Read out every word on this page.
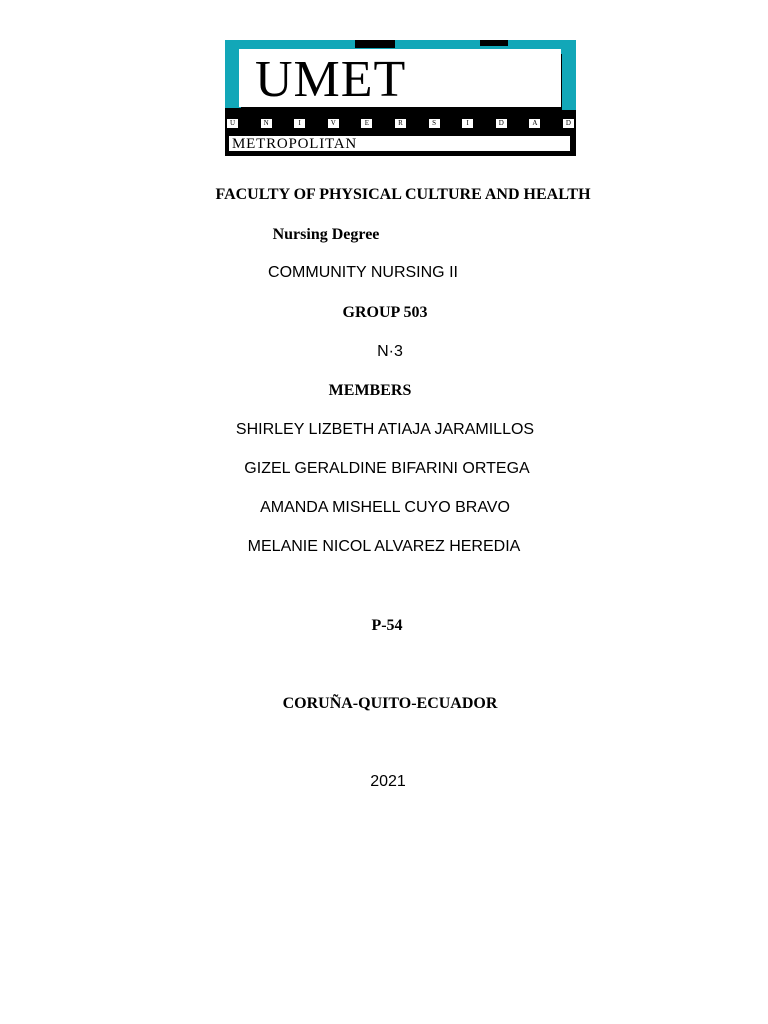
UMET
U	N	I	V	E	R	S	I	D	A	D
METROPOLITAN
FACULTY OF PHYSICAL CULTURE AND HEALTH
Nursing Degree
COMMUNITY NURSING II
GROUP 503
N·3
MEMBERS
SHIRLEY LIZBETH ATIAJA JARAMILLOS
GIZEL GERALDINE BIFARINI ORTEGA
AMANDA MISHELL CUYO BRAVO
MELANIE NICOL ALVAREZ HEREDIA
P-54
CORUÑA-QUITO-ECUADOR
2021
